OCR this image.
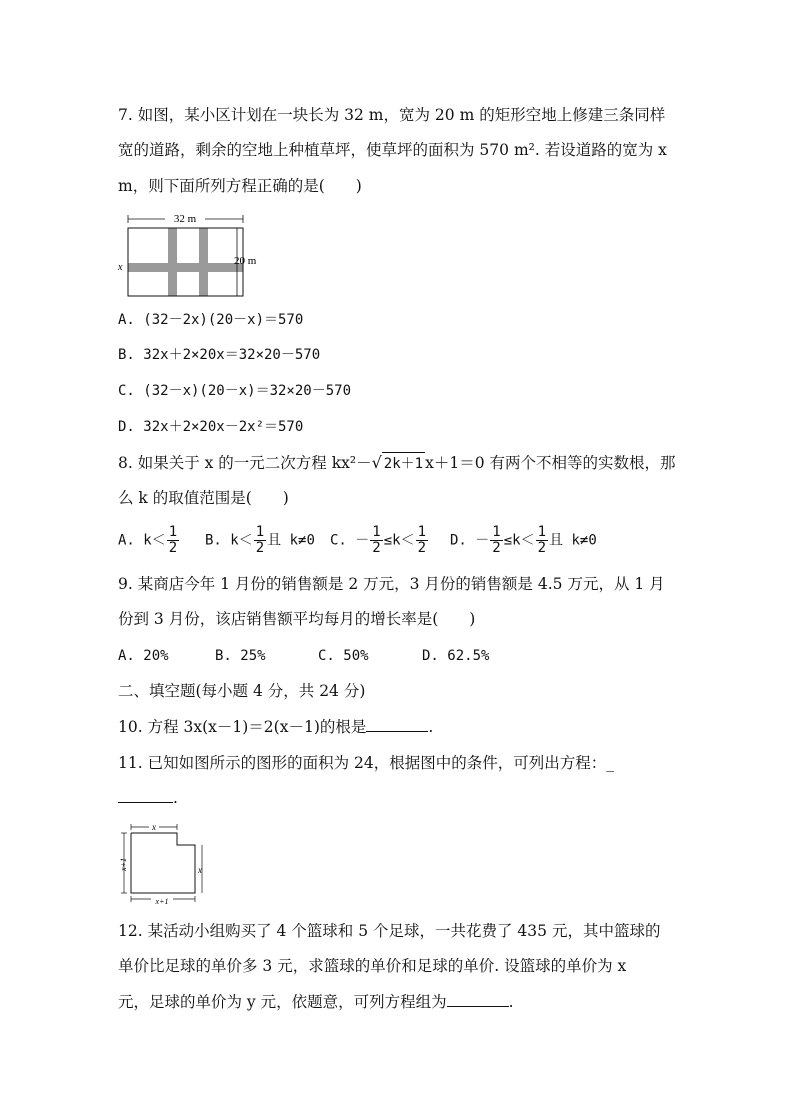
7. 如图，某小区计划在一块长为 32 m，宽为 20 m 的矩形空地上修建三条同样
宽的道路，剩余的空地上种植草坪，使草坪的面积为 570 m². 若设道路的宽为 x
m，则下面所列方程正确的是(　　)
32 m
20 m
x
A. (32－2x)(20－x)＝570
B. 32x＋2×20x＝32×20－570
C. (32－x)(20－x)＝32×20－570
D. 32x＋2×20x－2x²＝570
8. 如果关于 x 的一元二次方程 kx²－√ 2k＋1 x＋1＝0 有两个不相等的实数根，那
么 k 的取值范围是(　　)
A. $k< \frac{1}{2} B$. $k< \frac{1}{2}$ 且 k≠0 C. － $\frac{1}{2} \le k< \frac{1}{2} D$. － $\frac{1}{2} \le k< \frac{1}{2}$ 且 k≠0
9. 某商店今年 1 月份的销售额是 2 万元，3 月份的销售额是 4.5 万元，从 1 月
份到 3 月份，该店销售额平均每月的增长率是(　　)
A. 20%	B. 25%	C. 50%	D. 62.5%
二、填空题(每小题 4 分，共 24 分)
10. 方程 3x(x－1)＝2(x－1)的根是	.
11. 已知如图所示的图形的面积为 24，根据图中的条件，可列出方程：_
.
x
x+1	x
x+1
12. 某活动小组购买了 4 个篮球和 5 个足球，一共花费了 435 元，其中篮球的
单价比足球的单价多 3 元，求篮球的单价和足球的单价. 设篮球的单价为 x
元，足球的单价为 y 元，依题意，可列方程组为	.
